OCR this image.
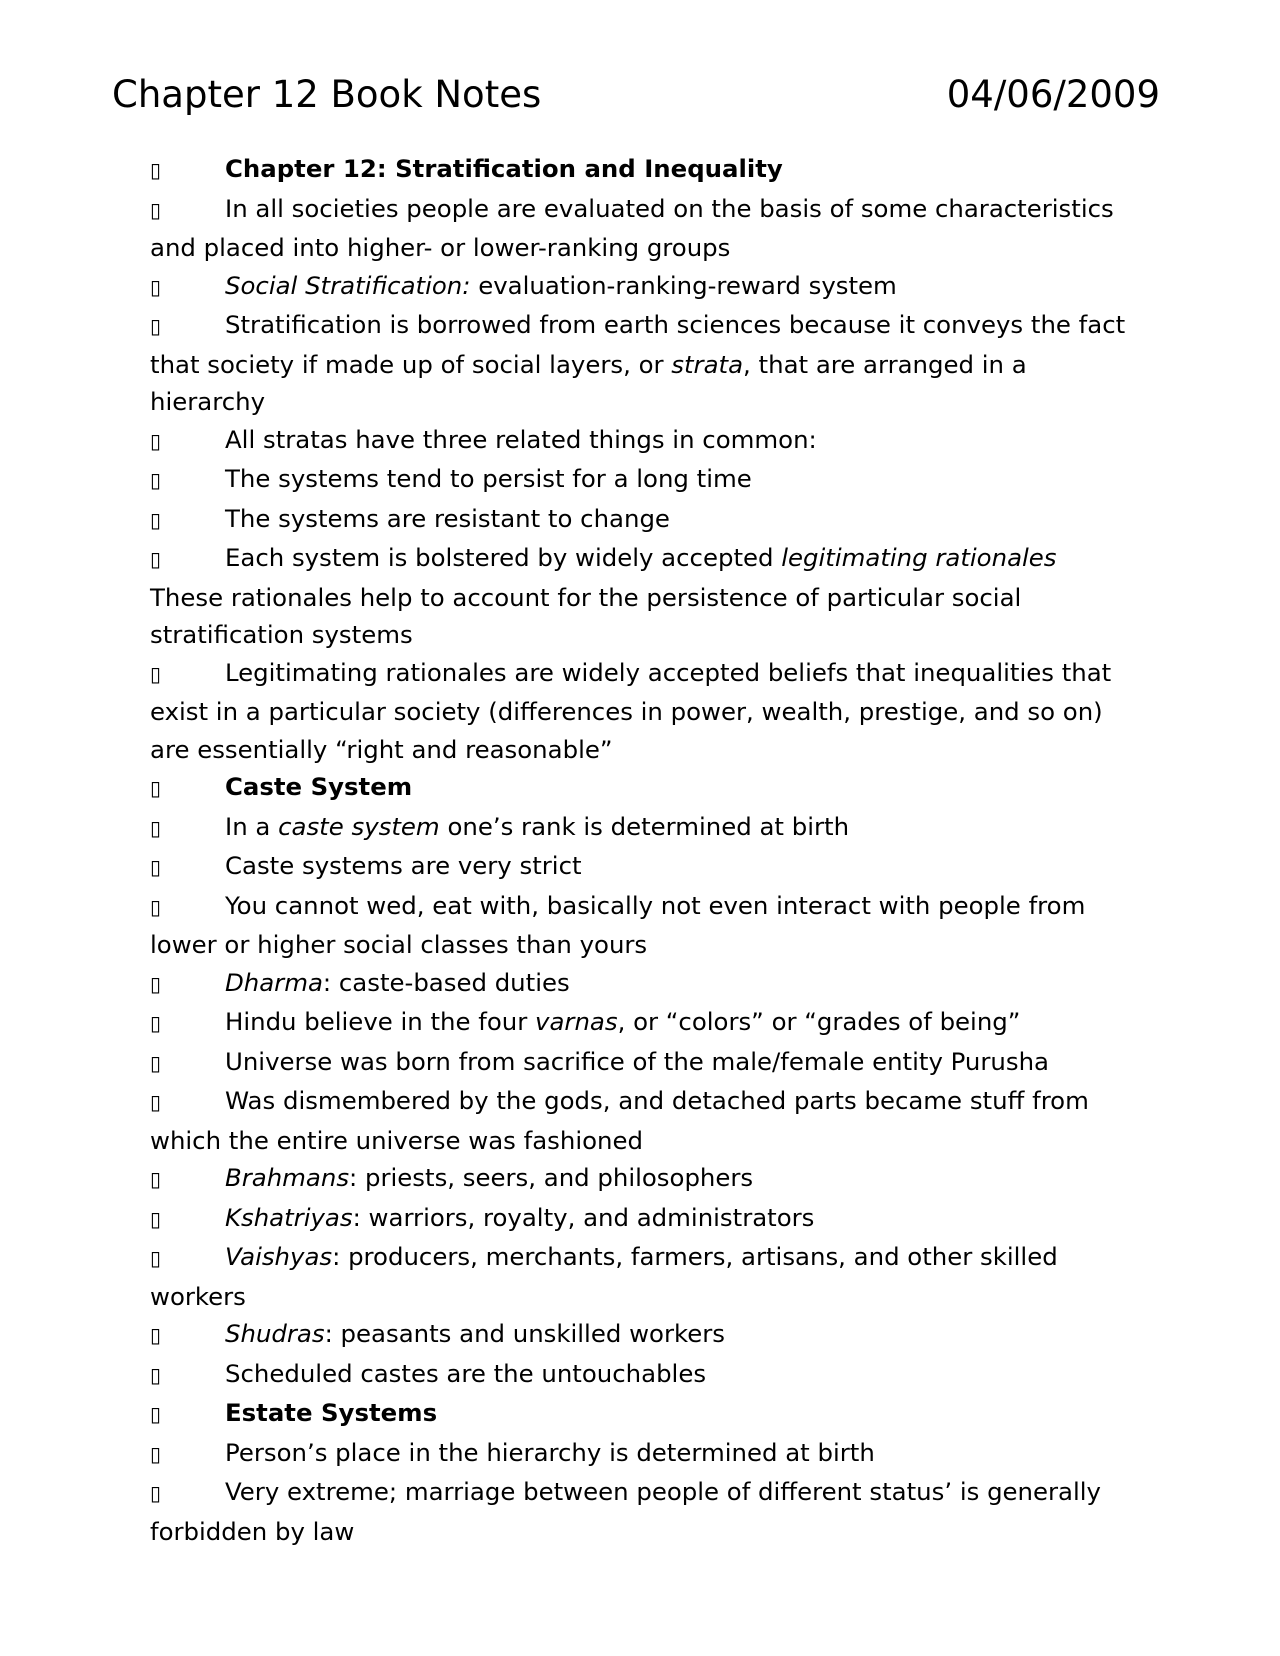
Chapter 12 Book Notes	04/06/2009
▯	Chapter 12: Stratification and Inequality
▯	In all societies people are evaluated on the basis of some characteristics and placed into higher- or lower-ranking groups
▯	Social Stratification: evaluation-ranking-reward system
▯	Stratification is borrowed from earth sciences because it conveys the fact that society if made up of social layers, or strata, that are arranged in a hierarchy
▯	All stratas have three related things in common:
▯	The systems tend to persist for a long time
▯	The systems are resistant to change
▯	Each system is bolstered by widely accepted legitimating rationales These rationales help to account for the persistence of particular social stratification systems
▯	Legitimating rationales are widely accepted beliefs that inequalities that exist in a particular society (differences in power, wealth, prestige, and so on) are essentially “right and reasonable”
▯	Caste System
▯	In a caste system one’s rank is determined at birth
▯	Caste systems are very strict
▯	You cannot wed, eat with, basically not even interact with people from lower or higher social classes than yours
▯	Dharma: caste-based duties
▯	Hindu believe in the four varnas, or “colors” or “grades of being”
▯	Universe was born from sacrifice of the male/female entity Purusha
▯	Was dismembered by the gods, and detached parts became stuff from which the entire universe was fashioned
▯	Brahmans: priests, seers, and philosophers
▯	Kshatriyas: warriors, royalty, and administrators
▯	Vaishyas: producers, merchants, farmers, artisans, and other skilled workers
▯	Shudras: peasants and unskilled workers
▯	Scheduled castes are the untouchables
▯	Estate Systems
▯	Person’s place in the hierarchy is determined at birth
▯	Very extreme; marriage between people of different status’ is generally forbidden by law
